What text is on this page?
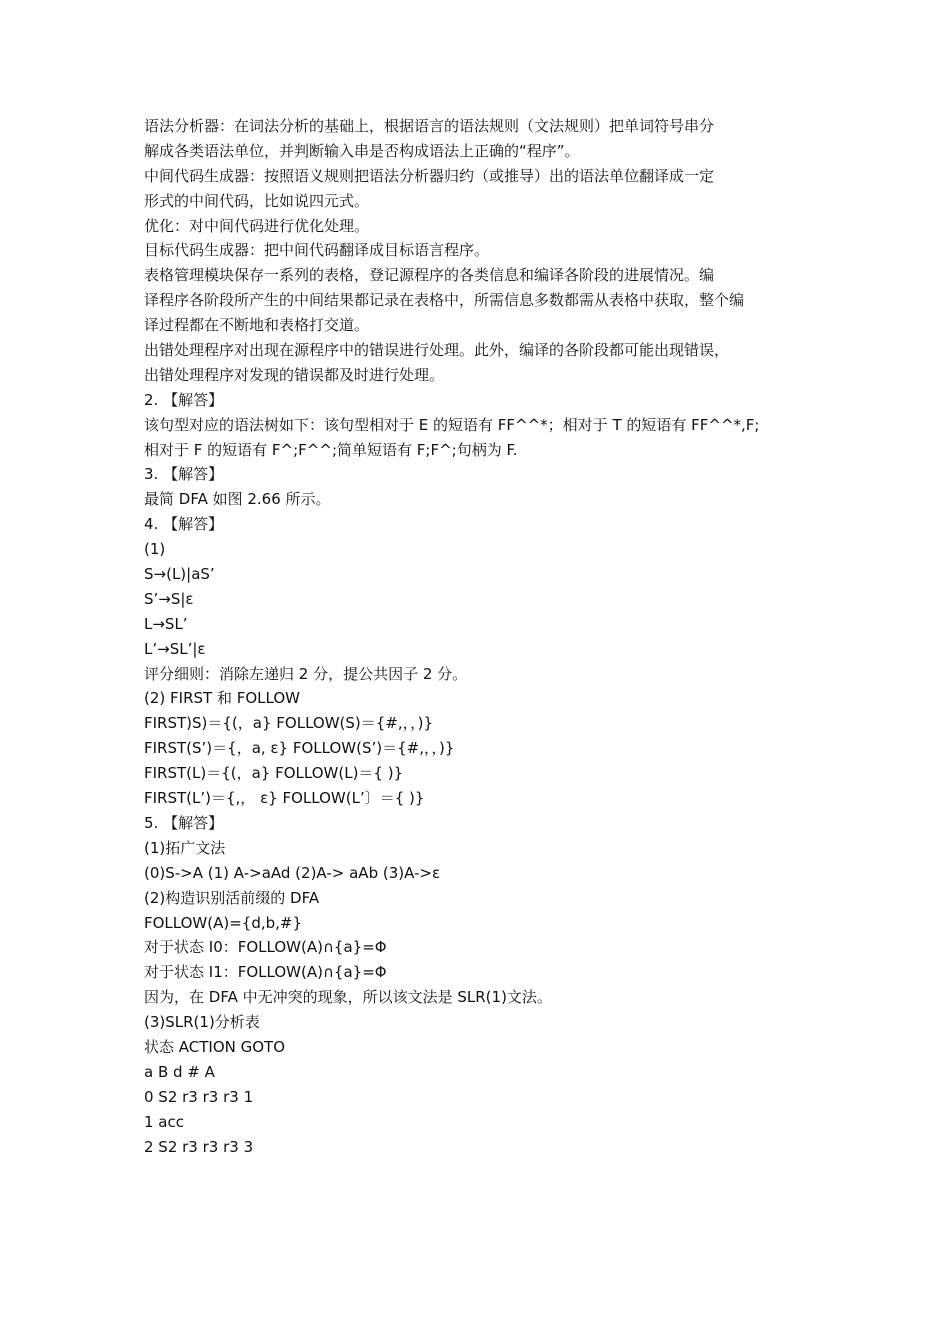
语法分析器：在词法分析的基础上，根据语言的语法规则（文法规则）把单词符号串分
解成各类语法单位，并判断输入串是否构成语法上正确的“程序”。
中间代码生成器：按照语义规则把语法分析器归约（或推导）出的语法单位翻译成一定
形式的中间代码，比如说四元式。
优化：对中间代码进行优化处理。
目标代码生成器：把中间代码翻译成目标语言程序。
表格管理模块保存一系列的表格，登记源程序的各类信息和编译各阶段的进展情况。编
译程序各阶段所产生的中间结果都记录在表格中，所需信息多数都需从表格中获取，整个编
译过程都在不断地和表格打交道。
出错处理程序对出现在源程序中的错误进行处理。此外，编译的各阶段都可能出现错误，
出错处理程序对发现的错误都及时进行处理。
2. 【解答】
该句型对应的语法树如下：该句型相对于 E 的短语有 FF^^*；相对于 T 的短语有 FF^^*,F;
相对于 F 的短语有 F^;F^^;简单短语有 F;F^;句柄为 F.
3. 【解答】
最简 DFA 如图 2.66 所示。
4. 【解答】
(1)
S→(L)|aS’
S’→S|ε
L→SL’
L’→SL’|ε
评分细则：消除左递归 2 分，提公共因子 2 分。
(2) FIRST 和 FOLLOW
FIRST)S)＝{(，a} FOLLOW(S)＝{#,，，)}
FIRST(S’)＝{，a, ε} FOLLOW(S’)＝{#,，，)}
FIRST(L)＝{(，a} FOLLOW(L)＝{ )}
FIRST(L’)＝{,， ε} FOLLOW(L’〕＝{ )}
5. 【解答】
(1)拓广文法
(0)S->A (1) A->aAd (2)A-> aAb (3)A->ε
(2)构造识别活前缀的 DFA
FOLLOW(A)={d,b,#}
对于状态 I0：FOLLOW(A)∩{a}=Φ
对于状态 I1：FOLLOW(A)∩{a}=Φ
因为，在 DFA 中无冲突的现象，所以该文法是 SLR(1)文法。
(3)SLR(1)分析表
状态 ACTION GOTO
a B d # A
0 S2 r3 r3 r3 1
1 acc
2 S2 r3 r3 r3 3
